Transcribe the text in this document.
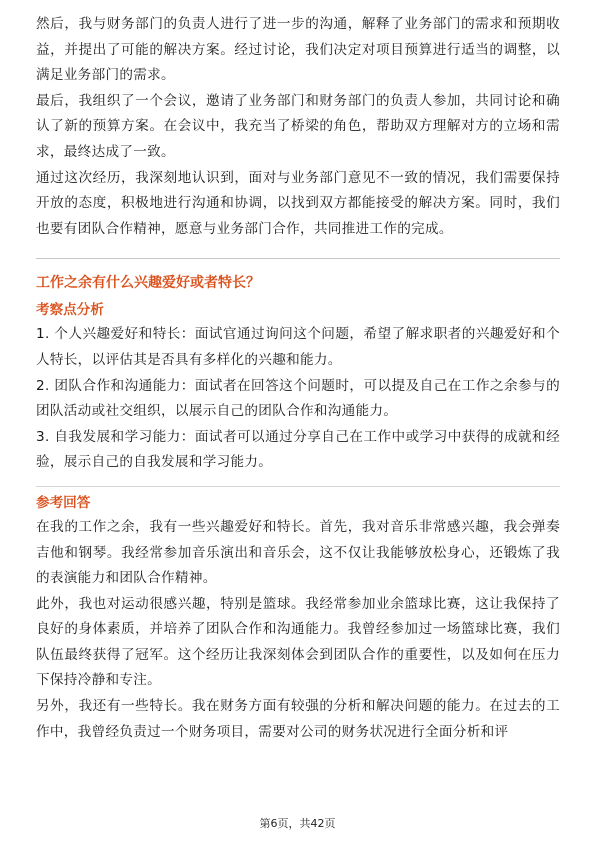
然后，我与财务部门的负责人进行了进一步的沟通，解释了业务部门的需求和预期收益，并提出了可能的解决方案。经过讨论，我们决定对项目预算进行适当的调整，以满足业务部门的需求。

最后，我组织了一个会议，邀请了业务部门和财务部门的负责人参加，共同讨论和确认了新的预算方案。在会议中，我充当了桥梁的角色，帮助双方理解对方的立场和需求，最终达成了一致。

通过这次经历，我深刻地认识到，面对与业务部门意见不一致的情况，我们需要保持开放的态度，积极地进行沟通和协调，以找到双方都能接受的解决方案。同时，我们也要有团队合作精神，愿意与业务部门合作，共同推进工作的完成。

工作之余有什么兴趣爱好或者特长？

考察点分析

1. 个人兴趣爱好和特长：面试官通过询问这个问题，希望了解求职者的兴趣爱好和个人特长，以评估其是否具有多样化的兴趣和能力。

2. 团队合作和沟通能力：面试者在回答这个问题时，可以提及自己在工作之余参与的团队活动或社交组织，以展示自己的团队合作和沟通能力。

3. 自我发展和学习能力：面试者可以通过分享自己在工作中或学习中获得的成就和经验，展示自己的自我发展和学习能力。

参考回答

在我的工作之余，我有一些兴趣爱好和特长。首先，我对音乐非常感兴趣，我会弹奏吉他和钢琴。我经常参加音乐演出和音乐会，这不仅让我能够放松身心，还锻炼了我的表演能力和团队合作精神。

此外，我也对运动很感兴趣，特别是篮球。我经常参加业余篮球比赛，这让我保持了良好的身体素质，并培养了团队合作和沟通能力。我曾经参加过一场篮球比赛，我们队伍最终获得了冠军。这个经历让我深刻体会到团队合作的重要性，以及如何在压力下保持冷静和专注。

另外，我还有一些特长。我在财务方面有较强的分析和解决问题的能力。在过去的工作中，我曾经负责过一个财务项目，需要对公司的财务状况进行全面分析和评

第6页，共42页
